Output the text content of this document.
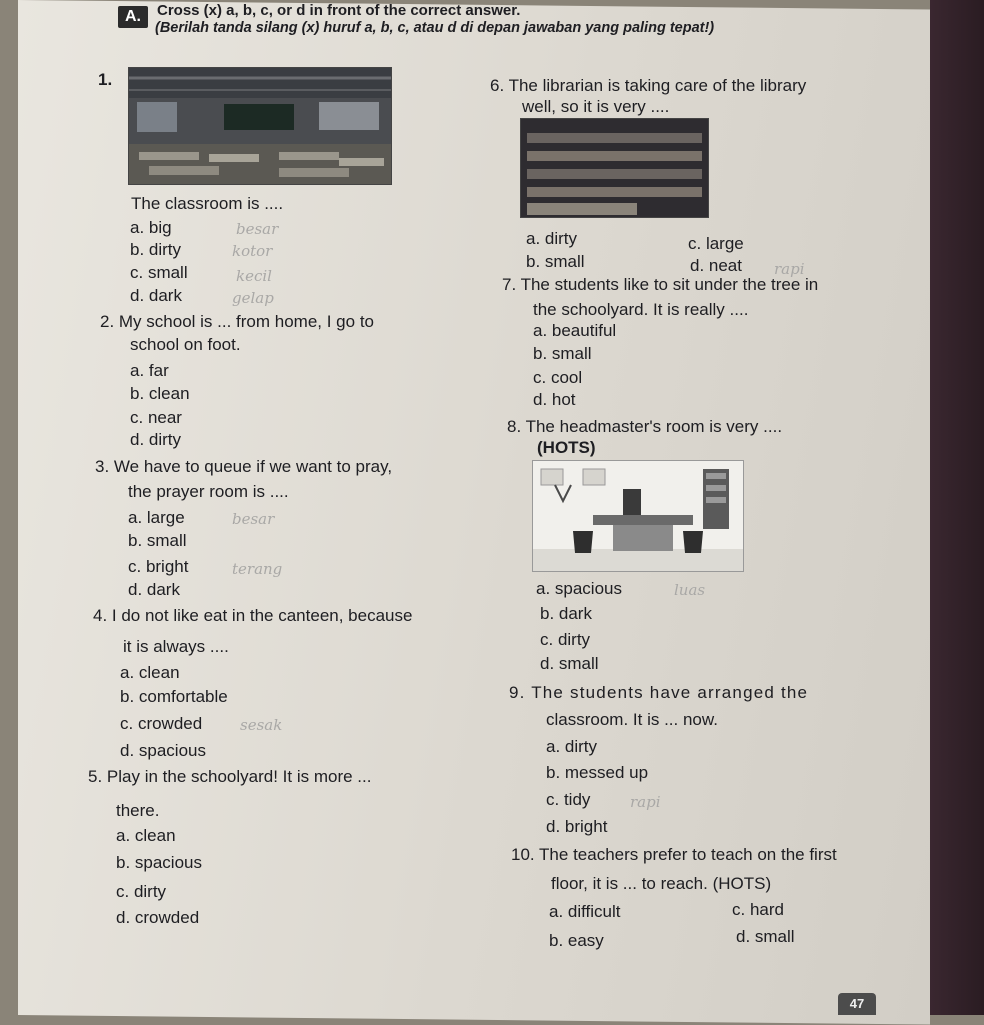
A.	Cross (x) a, b, c, or d in front of the correct answer.
(Berilah tanda silang (x) huruf a, b, c, atau d di depan jawaban yang paling tepat!)
1.
The classroom is ....
a. big	besar
b. dirty	kotor
c. small	kecil
d. dark	gelap
2. My school is ... from home, I go to
school on foot.
a. far
b. clean
c. near
d. dirty
3. We have to queue if we want to pray,
the prayer room is ....
a. large	besar
b. small
c. bright	terang
d. dark
4. I do not like eat in the canteen, because
it is always ....
a. clean
b. comfortable
c. crowded	sesak
d. spacious
5. Play in the schoolyard! It is more ...
there.
a. clean
b. spacious
c. dirty
d. crowded
6. The librarian is taking care of the library
well, so it is very ....
a. dirty
b. small
c. large
d. neat rapi
7. The students like to sit under the tree in
the schoolyard. It is really ....
a. beautiful
b. small
c. cool
d. hot
8. The headmaster's room is very ....
(HOTS)
a. spacious	luas
b. dark
c. dirty
d. small
9. The students have arranged the
classroom. It is ... now.
a. dirty
b. messed up
c. tidy	rapi
d. bright
10. The teachers prefer to teach on the first
floor, it is ... to reach. (HOTS)
a. difficult
b. easy
c. hard
d. small
47
